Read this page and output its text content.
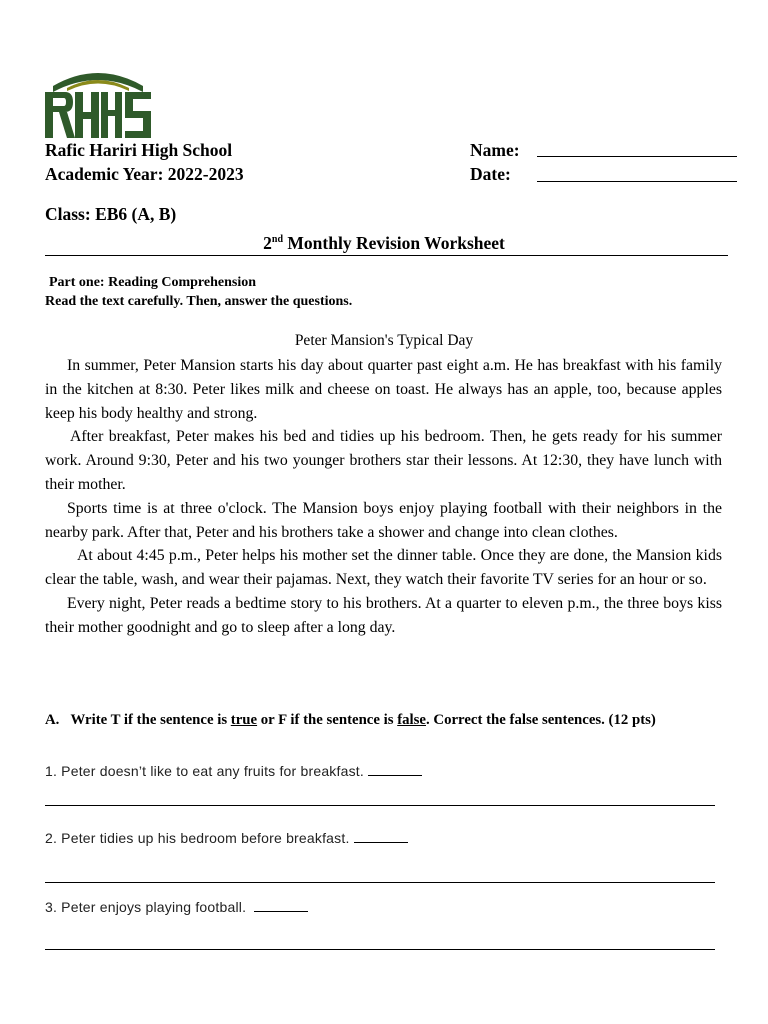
Rafic Hariri High School
Academic Year: 2022-2023
Class: EB6 (A, B)
Name:
Date:
2nd Monthly Revision Worksheet
Part one: Reading Comprehension
Read the text carefully. Then, answer the questions.
Peter Mansion's Typical Day

In summer, Peter Mansion starts his day about quarter past eight a.m. He has breakfast with his family in the kitchen at 8:30. Peter likes milk and cheese on toast. He always has an apple, too, because apples keep his body healthy and strong.

After breakfast, Peter makes his bed and tidies up his bedroom. Then, he gets ready for his summer work. Around 9:30, Peter and his two younger brothers star their lessons. At 12:30, they have lunch with their mother.

Sports time is at three o'clock. The Mansion boys enjoy playing football with their neighbors in the nearby park. After that, Peter and his brothers take a shower and change into clean clothes.

At about 4:45 p.m., Peter helps his mother set the dinner table. Once they are done, the Mansion kids clear the table, wash, and wear their pajamas. Next, they watch their favorite TV series for an hour or so.

Every night, Peter reads a bedtime story to his brothers. At a quarter to eleven p.m., the three boys kiss their mother goodnight and go to sleep after a long day.

A. Write T if the sentence is true or F if the sentence is false. Correct the false sentences. (12 pts)
1. Peter doesn’t like to eat any fruits for breakfast.
2. Peter tidies up his bedroom before breakfast.
3. Peter enjoys playing football.
